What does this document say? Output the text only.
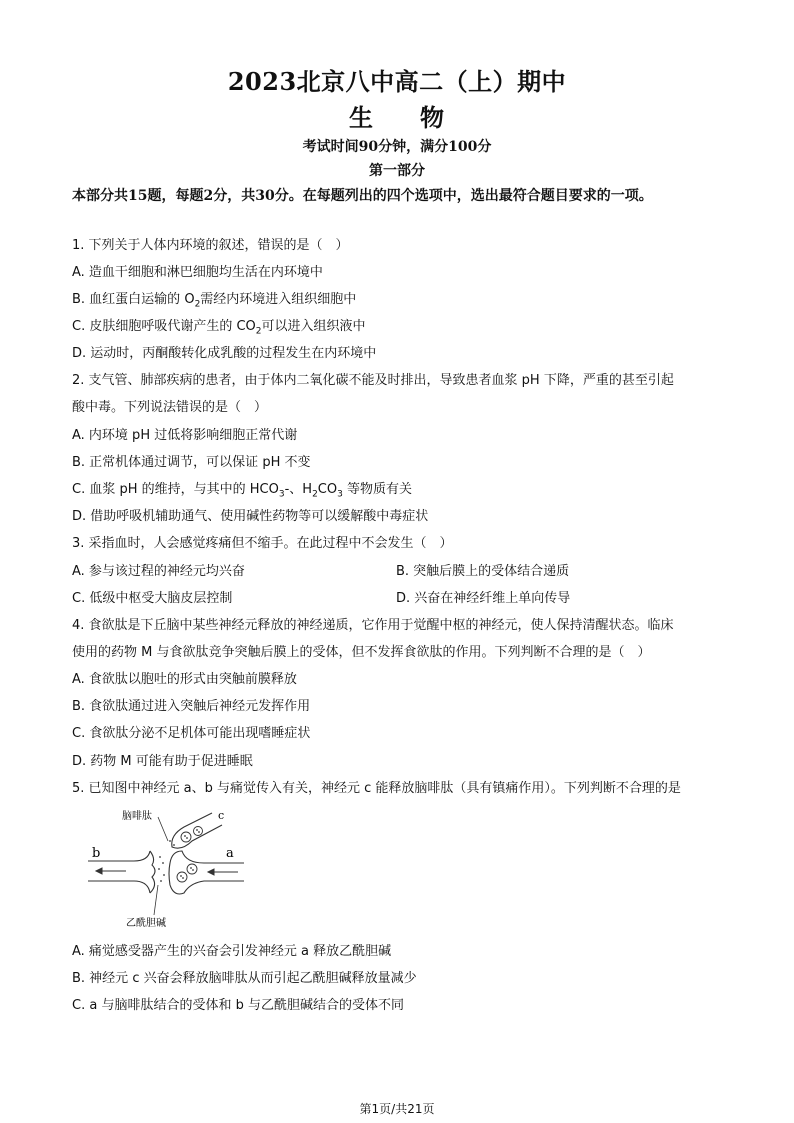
2023北京八中高二（上）期中
生 物
考试时间90分钟，满分100分
第一部分
本部分共15题，每题2分，共30分。在每题列出的四个选项中，选出最符合题目要求的一项。
1. 下列关于人体内环境的叙述，错误的是（　）
A. 造血干细胞和淋巴细胞均生活在内环境中
B. 血红蛋白运输的 $O_2$需经内环境进入组织细胞中
C. 皮肤细胞呼吸代谢产生的 $CO_2$可以进入组织液中
D. 运动时，丙酮酸转化成乳酸的过程发生在内环境中
2. 支气管、肺部疾病的患者，由于体内二氧化碳不能及时排出，导致患者血浆 pH 下降，严重的甚至引起
酸中毒。下列说法错误的是（　）
A. 内环境 pH 过低将影响细胞正常代谢
B. 正常机体通过调节，可以保证 pH 不变
C. 血浆 pH 的维持，与其中的 $HCO_3-$、$H_2CO_3$ 等物质有关
D. 借助呼吸机辅助通气、使用碱性药物等可以缓解酸中毒症状
3. 采指血时，人会感觉疼痛但不缩手。在此过程中不会发生（　）
A. 参与该过程的神经元均兴奋	B. 突触后膜上的受体结合递质
C. 低级中枢受大脑皮层控制	D. 兴奋在神经纤维上单向传导
4. 食欲肽是下丘脑中某些神经元释放的神经递质，它作用于觉醒中枢的神经元，使人保持清醒状态。临床
使用的药物 M 与食欲肽竞争突触后膜上的受体，但不发挥食欲肽的作用。下列判断不合理的是（　）
A. 食欲肽以胞吐的形式由突触前膜释放
B. 食欲肽通过进入突触后神经元发挥作用
C. 食欲肽分泌不足机体可能出现嗜睡症状
D. 药物 M 可能有助于促进睡眠
5. 已知图中神经元 a、b 与痛觉传入有关，神经元 c 能释放脑啡肽（具有镇痛作用）。下列判断不合理的是
脑啡肽
乙酰胆碱
b	a
c
A. 痛觉感受器产生的兴奋会引发神经元 a 释放乙酰胆碱
B. 神经元 c 兴奋会释放脑啡肽从而引起乙酰胆碱释放量减少
C. a 与脑啡肽结合的受体和 b 与乙酰胆碱结合的受体不同
第1页/共21页
